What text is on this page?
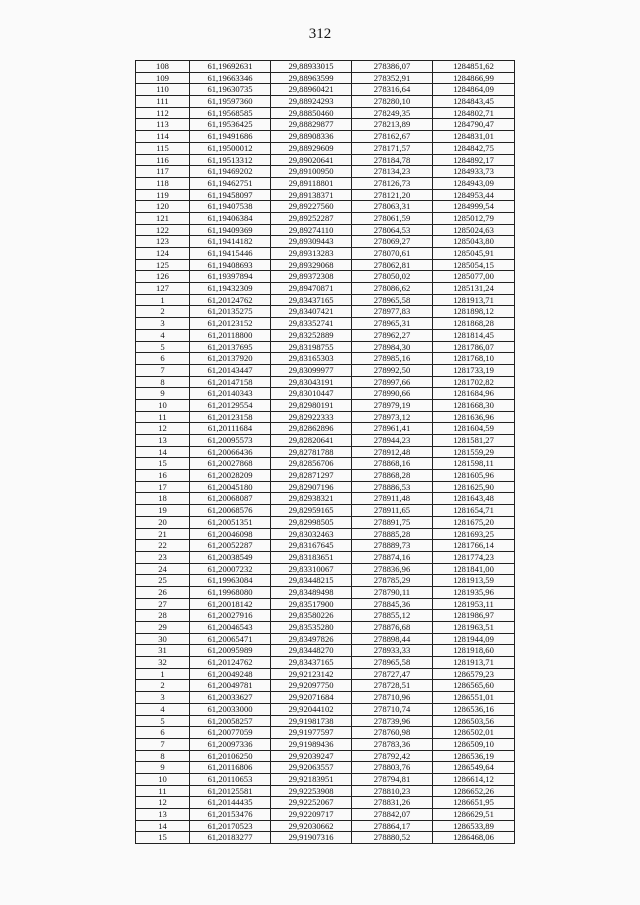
312
108	61,19692631	29,88933015	278386,07	1284851,62
109	61,19663346	29,88963599	278352,91	1284866,99
110	61,19630735	29,88960421	278316,64	1284864,09
111	61,19597360	29,88924293	278280,10	1284843,45
112	61,19568585	29,88850460	278249,35	1284802,71
113	61,19536425	29,88829877	278213,89	1284790,47
114	61,19491686	29,88908336	278162,67	1284831,01
115	61,19500012	29,88929609	278171,57	1284842,75
116	61,19513312	29,89020641	278184,78	1284892,17
117	61,19469202	29,89100950	278134,23	1284933,73
118	61,19462751	29,89118801	278126,73	1284943,09
119	61,19458097	29,89138371	278121,20	1284953,44
120	61,19407538	29,89227560	278063,31	1284999,54
121	61,19406384	29,89252287	278061,59	1285012,79
122	61,19409369	29,89274110	278064,53	1285024,63
123	61,19414182	29,89309443	278069,27	1285043,80
124	61,19415446	29,89313283	278070,61	1285045,91
125	61,19408693	29,89329068	278062,81	1285054,15
126	61,19397894	29,89372308	278050,02	1285077,00
127	61,19432309	29,89470871	278086,62	1285131,24
1	61,20124762	29,83437165	278965,58	1281913,71
2	61,20135275	29,83407421	278977,83	1281898,12
3	61,20123152	29,83352741	278965,31	1281868,28
4	61,20118800	29,83252889	278962,27	1281814,45
5	61,20137695	29,83198755	278984,30	1281786,07
6	61,20137920	29,83165303	278985,16	1281768,10
7	61,20143447	29,83099977	278992,50	1281733,19
8	61,20147158	29,83043191	278997,66	1281702,82
9	61,20140343	29,83010447	278990,66	1281684,96
10	61,20129554	29,82980191	278979,19	1281668,30
11	61,20123158	29,82922333	278973,12	1281636,96
12	61,20111684	29,82862896	278961,41	1281604,59
13	61,20095573	29,82820641	278944,23	1281581,27
14	61,20066436	29,82781788	278912,48	1281559,29
15	61,20027868	29,82856706	278868,16	1281598,11
16	61,20028209	29,82871297	278868,28	1281605,96
17	61,20045180	29,82907196	278886,53	1281625,90
18	61,20068087	29,82938321	278911,48	1281643,48
19	61,20068576	29,82959165	278911,65	1281654,71
20	61,20051351	29,82998505	278891,75	1281675,20
21	61,20046098	29,83032463	278885,28	1281693,25
22	61,20052287	29,83167645	278889,73	1281766,14
23	61,20038549	29,83183651	278874,16	1281774,23
24	61,20007232	29,83310067	278836,96	1281841,00
25	61,19963084	29,83448215	278785,29	1281913,59
26	61,19968080	29,83489498	278790,11	1281935,96
27	61,20018142	29,83517900	278845,36	1281953,11
28	61,20027916	29,83580226	278855,12	1281986,97
29	61,20046543	29,83535280	278876,68	1281963,51
30	61,20065471	29,83497826	278898,44	1281944,09
31	61,20095989	29,83448270	278933,33	1281918,60
32	61,20124762	29,83437165	278965,58	1281913,71
1	61,20049248	29,92123142	278727,47	1286579,23
2	61,20049781	29,92097750	278728,51	1286565,60
3	61,20033627	29,92071684	278710,96	1286551,01
4	61,20033000	29,92044102	278710,74	1286536,16
5	61,20058257	29,91981738	278739,96	1286503,56
6	61,20077059	29,91977597	278760,98	1286502,01
7	61,20097336	29,91989436	278783,36	1286509,10
8	61,20106250	29,92039247	278792,42	1286536,19
9	61,20116806	29,92063557	278803,76	1286549,64
10	61,20110653	29,92183951	278794,81	1286614,12
11	61,20125581	29,92253908	278810,23	1286652,26
12	61,20144435	29,92252067	278831,26	1286651,95
13	61,20153476	29,92209717	278842,07	1286629,51
14	61,20170523	29,92030662	278864,17	1286533,89
15	61,20183277	29,91907316	278880,52	1286468,06
